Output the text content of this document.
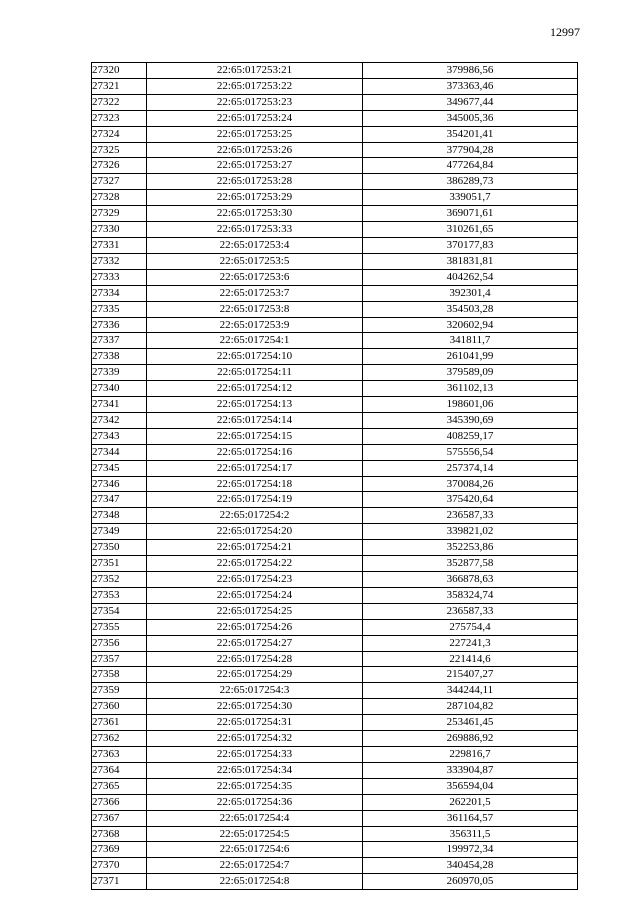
12997
27320	22:65:017253:21	379986,56
27321	22:65:017253:22	373363,46
27322	22:65:017253:23	349677,44
27323	22:65:017253:24	345005,36
27324	22:65:017253:25	354201,41
27325	22:65:017253:26	377904,28
27326	22:65:017253:27	477264,84
27327	22:65:017253:28	386289,73
27328	22:65:017253:29	339051,7
27329	22:65:017253:30	369071,61
27330	22:65:017253:33	310261,65
27331	22:65:017253:4	370177,83
27332	22:65:017253:5	381831,81
27333	22:65:017253:6	404262,54
27334	22:65:017253:7	392301,4
27335	22:65:017253:8	354503,28
27336	22:65:017253:9	320602,94
27337	22:65:017254:1	341811,7
27338	22:65:017254:10	261041,99
27339	22:65:017254:11	379589,09
27340	22:65:017254:12	361102,13
27341	22:65:017254:13	198601,06
27342	22:65:017254:14	345390,69
27343	22:65:017254:15	408259,17
27344	22:65:017254:16	575556,54
27345	22:65:017254:17	257374,14
27346	22:65:017254:18	370084,26
27347	22:65:017254:19	375420,64
27348	22:65:017254:2	236587,33
27349	22:65:017254:20	339821,02
27350	22:65:017254:21	352253,86
27351	22:65:017254:22	352877,58
27352	22:65:017254:23	366878,63
27353	22:65:017254:24	358324,74
27354	22:65:017254:25	236587,33
27355	22:65:017254:26	275754,4
27356	22:65:017254:27	227241,3
27357	22:65:017254:28	221414,6
27358	22:65:017254:29	215407,27
27359	22:65:017254:3	344244,11
27360	22:65:017254:30	287104,82
27361	22:65:017254:31	253461,45
27362	22:65:017254:32	269886,92
27363	22:65:017254:33	229816,7
27364	22:65:017254:34	333904,87
27365	22:65:017254:35	356594,04
27366	22:65:017254:36	262201,5
27367	22:65:017254:4	361164,57
27368	22:65:017254:5	356311,5
27369	22:65:017254:6	199972,34
27370	22:65:017254:7	340454,28
27371	22:65:017254:8	260970,05
